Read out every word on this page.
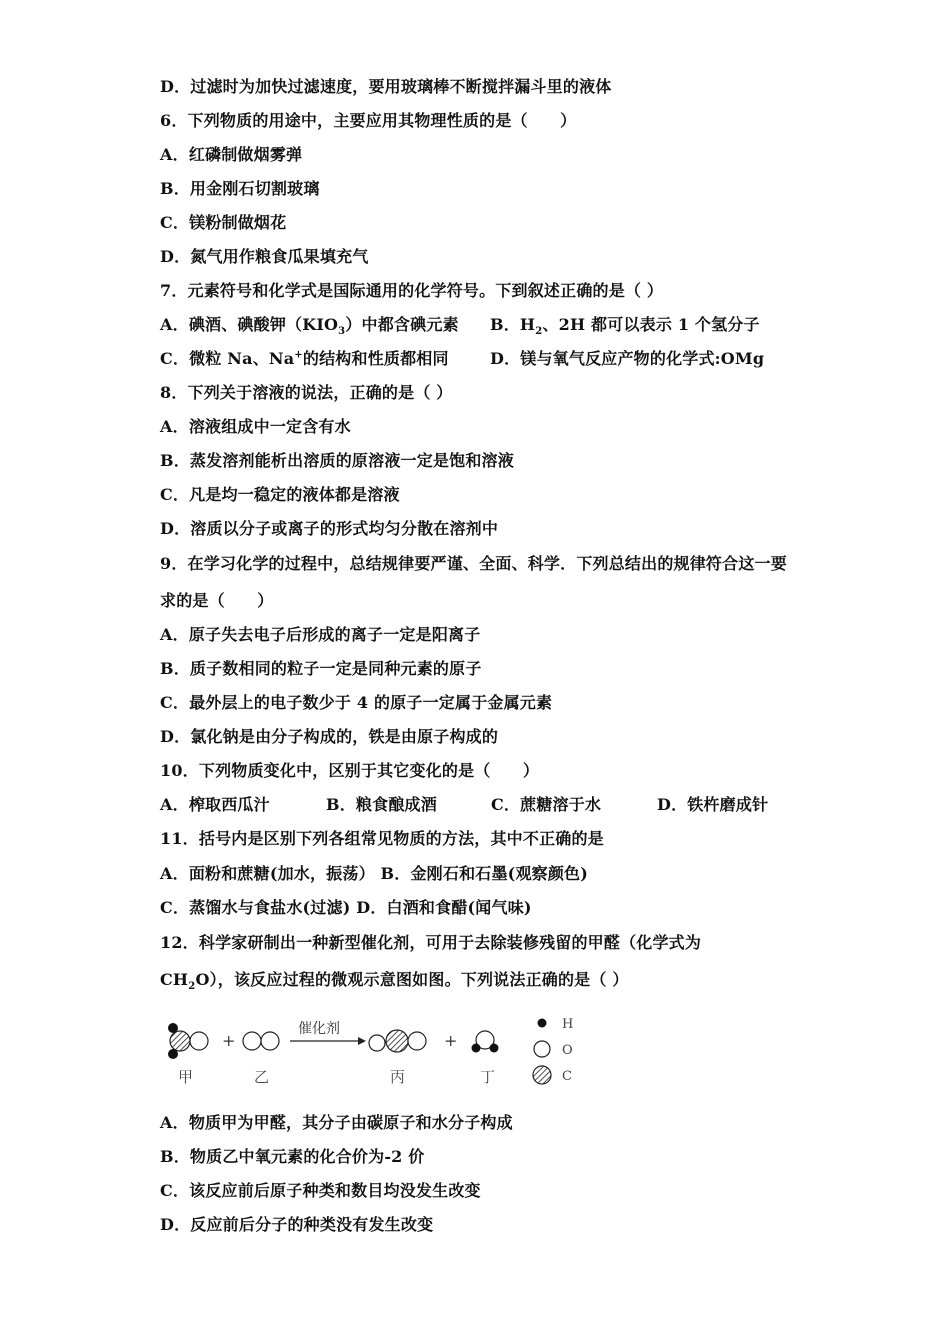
D．过滤时为加快过滤速度，要用玻璃棒不断搅拌漏斗里的液体
6．下列物质的用途中，主要应用其物理性质的是（　　）
A．红磷制做烟雾弹
B．用金刚石切割玻璃
C．镁粉制做烟花
D．氮气用作粮食瓜果填充气
7．元素符号和化学式是国际通用的化学符号。下到叙述正确的是（ ）
A．碘酒、碘酸钾$(KIO_3)$中都含碘元素 B．$H_2$、2H 都可以表示 1 个氢分子
C．微粒 Na、Na+的结构和性质都相同	D．镁与氧气反应产物的化学式:OMg
8．下列关于溶液的说法，正确的是（ ）
A．溶液组成中一定含有水
B．蒸发溶剂能析出溶质的原溶液一定是饱和溶液
C．凡是均一稳定的液体都是溶液
D．溶质以分子或离子的形式均匀分散在溶剂中
9．在学习化学的过程中，总结规律要严谨、全面、科学．下列总结出的规律符合这一要
求的是（　　）
A．原子失去电子后形成的离子一定是阳离子
B．质子数相同的粒子一定是同种元素的原子
C．最外层上的电子数少于 4 的原子一定属于金属元素
D．氯化钠是由分子构成的，铁是由原子构成的
10．下列物质变化中，区别于其它变化的是（　　）
A．榨取西瓜汁	B．粮食酿成酒	C．蔗糖溶于水	D．铁杵磨成针
11．括号内是区别下列各组常见物质的方法，其中不正确的是
A．面粉和蔗糖(加水，振荡） B．金刚石和石墨(观察颜色)
C．蒸馏水与食盐水(过滤) D．白酒和食醋(闻气味)
12．科学家研制出一种新型催化剂，可用于去除装修残留的甲醛（化学式为
$CH_2O$），该反应过程的微观示意图如图。下列说法正确的是（ ）
+
催化剂
+
甲	乙	丙	丁
H
O
C
A．物质甲为甲醛，其分子由碳原子和水分子构成
B．物质乙中氧元素的化合价为-2 价
C．该反应前后原子种类和数目均没发生改变
D．反应前后分子的种类没有发生改变
